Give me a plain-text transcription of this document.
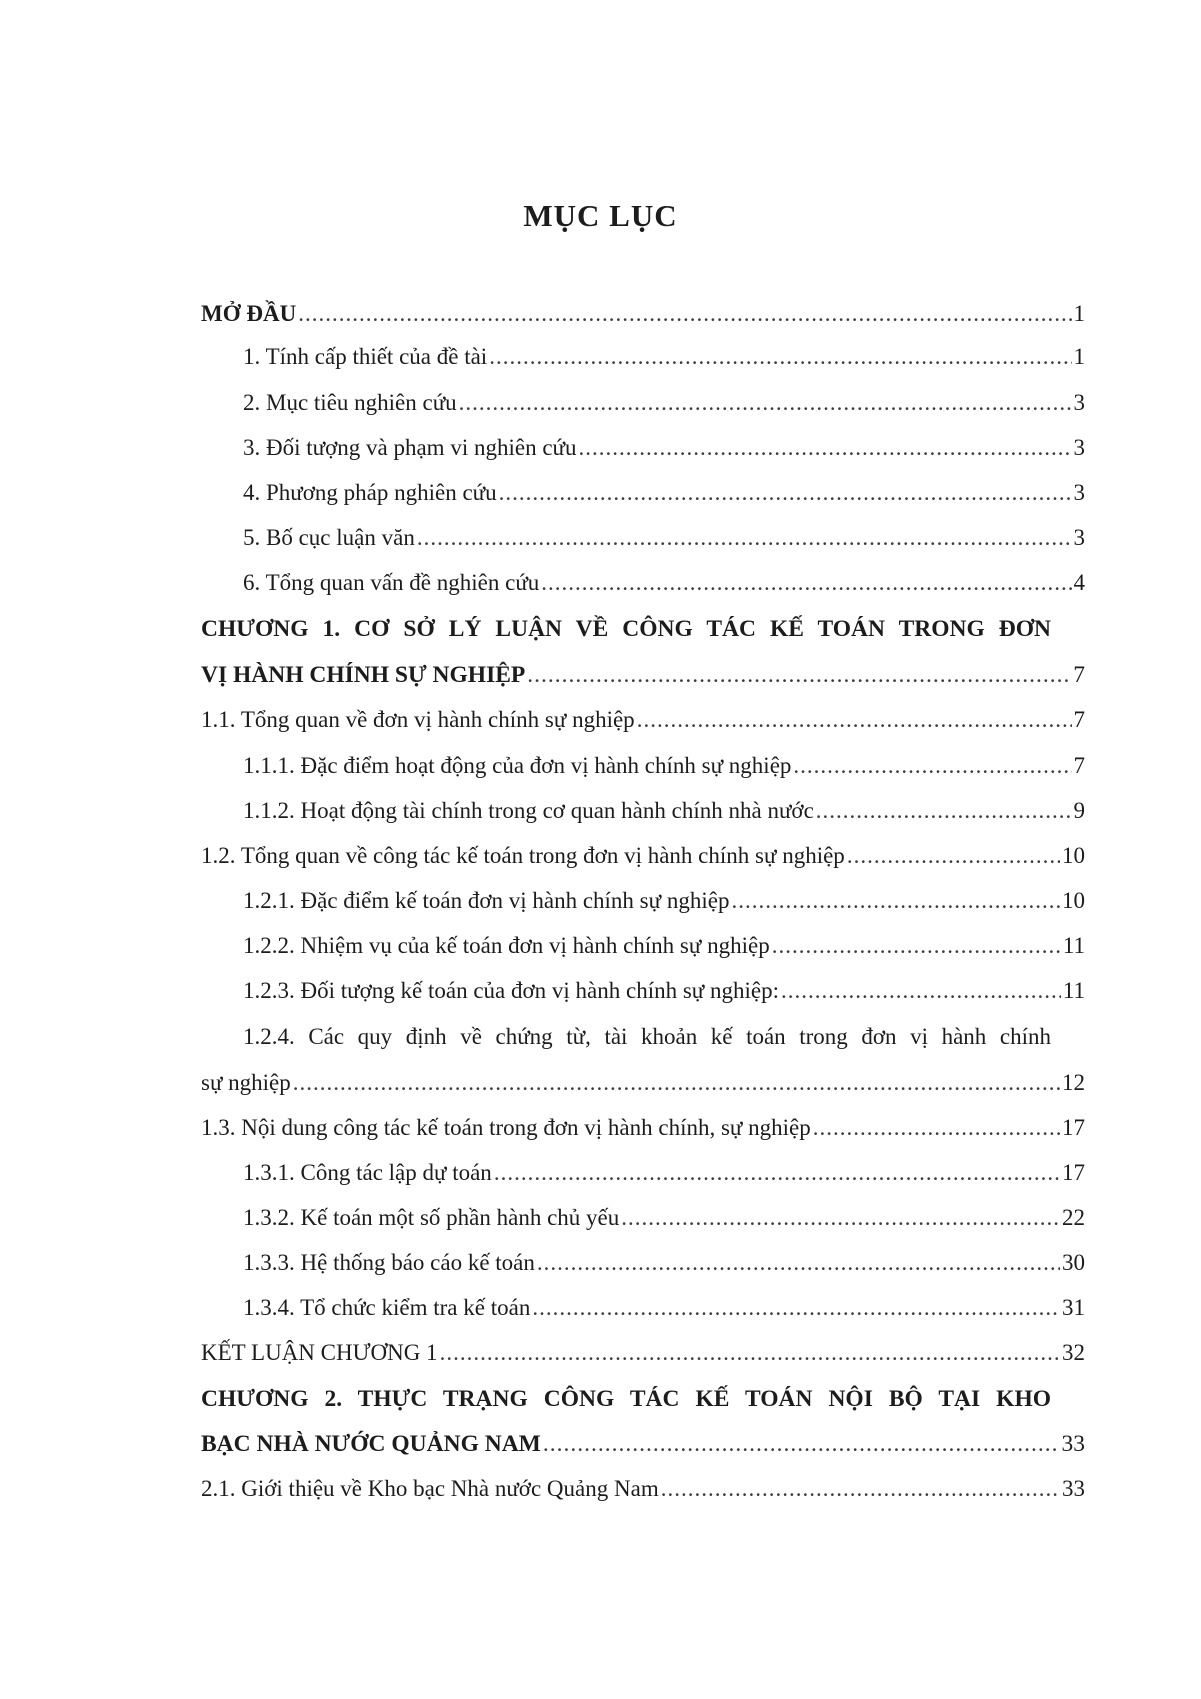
MỤC LỤC
MỞ ĐẦU .....	1
1. Tính cấp thiết của đề tài .....	1
2. Mục tiêu nghiên cứu .....	3
3. Đối tượng và phạm vi nghiên cứu .....	3
4. Phương pháp nghiên cứu .....	3
5. Bố cục luận văn .....	3
6. Tổng quan vấn đề nghiên cứu .....	4
CHƯƠNG 1. CƠ SỞ LÝ LUẬN VỀ CÔNG TÁC KẾ TOÁN TRONG ĐƠN
VỊ HÀNH CHÍNH SỰ NGHIỆP .....	7
1.1. Tổng quan về đơn vị hành chính sự nghiệp .....	7
1.1.1. Đặc điểm hoạt động của đơn vị hành chính sự nghiệp .....	7
1.1.2. Hoạt động tài chính trong cơ quan hành chính nhà nước .....	9
1.2. Tổng quan về công tác kế toán trong đơn vị hành chính sự nghiệp .....	10
1.2.1. Đặc điểm kế toán đơn vị hành chính sự nghiệp .....	10
1.2.2. Nhiệm vụ của kế toán đơn vị hành chính sự nghiệp .....	11
1.2.3. Đối tượng kế toán của đơn vị hành chính sự nghiệp: .....	11
1.2.4. Các quy định về chứng từ, tài khoản kế toán trong đơn vị hành chính
sự nghiệp .....	12
1.3. Nội dung công tác kế toán trong đơn vị hành chính, sự nghiệp .....	17
1.3.1. Công tác lập dự toán .....	17
1.3.2. Kế toán một số phần hành chủ yếu .....	22
1.3.3. Hệ thống báo cáo kế toán .....	30
1.3.4. Tổ chức kiểm tra kế toán .....	31
KẾT LUẬN CHƯƠNG 1 .....	32
CHƯƠNG 2. THỰC TRẠNG CÔNG TÁC KẾ TOÁN NỘI BỘ TẠI KHO
BẠC NHÀ NƯỚC QUẢNG NAM .....	33
2.1. Giới thiệu về Kho bạc Nhà nước Quảng Nam .....	33
